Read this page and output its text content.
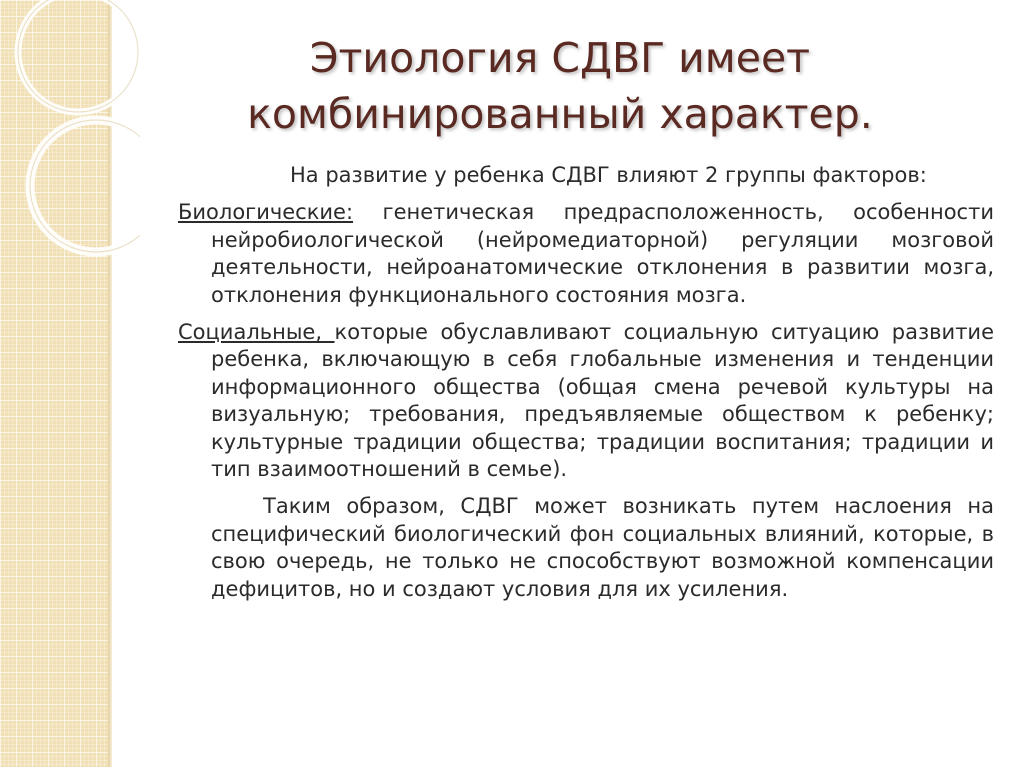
Этиология СДВГ имеет
комбинированный характер.

На развитие у ребенка СДВГ влияют 2 группы факторов:

Биологические: генетическая предрасположенность, особенности нейробиологической (нейромедиаторной) регуляции мозговой деятельности, нейроанатомические отклонения в развитии мозга, отклонения функционального состояния мозга.

Социальные, которые обуславливают социальную ситуацию развитие ребенка, включающую в себя глобальные изменения и тенденции информационного общества (общая смена речевой культуры на визуальную; требования, предъявляемые обществом к ребенку; культурные традиции общества; традиции воспитания; традиции и тип взаимоотношений в семье).

Таким образом, СДВГ может возникать путем наслоения на специфический биологический фон социальных влияний, которые, в свою очередь, не только не способствуют возможной компенсации дефицитов, но и создают условия для их усиления.
